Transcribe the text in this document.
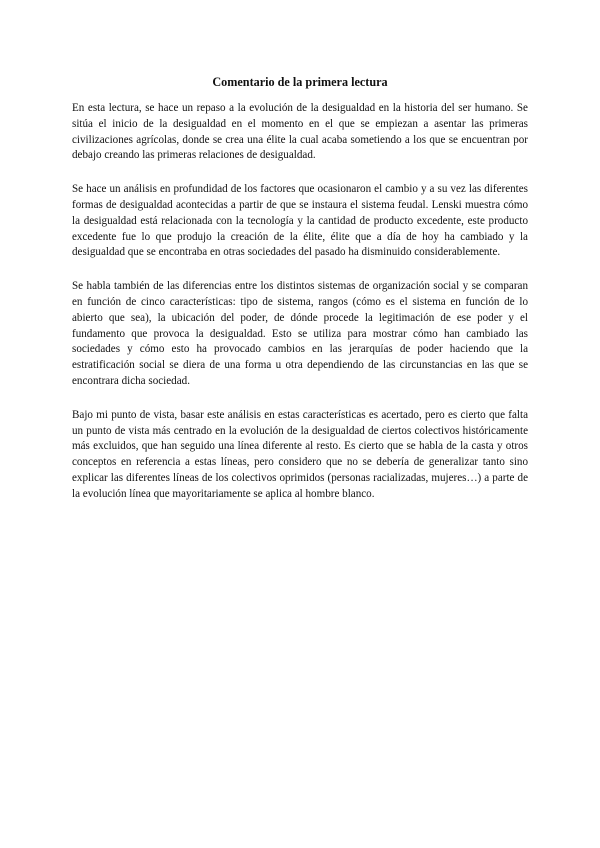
Comentario de la primera lectura

En esta lectura, se hace un repaso a la evolución de la desigualdad en la historia del ser humano. Se sitúa el inicio de la desigualdad en el momento en el que se empiezan a asentar las primeras civilizaciones agrícolas, donde se crea una élite la cual acaba sometiendo a los que se encuentran por debajo creando las primeras relaciones de desigualdad.

Se hace un análisis en profundidad de los factores que ocasionaron el cambio y a su vez las diferentes formas de desigualdad acontecidas a partir de que se instaura el sistema feudal. Lenski muestra cómo la desigualdad está relacionada con la tecnología y la cantidad de producto excedente, este producto excedente fue lo que produjo la creación de la élite, élite que a día de hoy ha cambiado y la desigualdad que se encontraba en otras sociedades del pasado ha disminuido considerablemente.

Se habla también de las diferencias entre los distintos sistemas de organización social y se comparan en función de cinco características: tipo de sistema, rangos (cómo es el sistema en función de lo abierto que sea), la ubicación del poder, de dónde procede la legitimación de ese poder y el fundamento que provoca la desigualdad. Esto se utiliza para mostrar cómo han cambiado las sociedades y cómo esto ha provocado cambios en las jerarquías de poder haciendo que la estratificación social se diera de una forma u otra dependiendo de las circunstancias en las que se encontrara dicha sociedad.

Bajo mi punto de vista, basar este análisis en estas características es acertado, pero es cierto que falta un punto de vista más centrado en la evolución de la desigualdad de ciertos colectivos históricamente más excluidos, que han seguido una línea diferente al resto. Es cierto que se habla de la casta y otros conceptos en referencia a estas líneas, pero considero que no se debería de generalizar tanto sino explicar las diferentes líneas de los colectivos oprimidos (personas racializadas, mujeres…) a parte de la evolución línea que mayoritariamente se aplica al hombre blanco.
